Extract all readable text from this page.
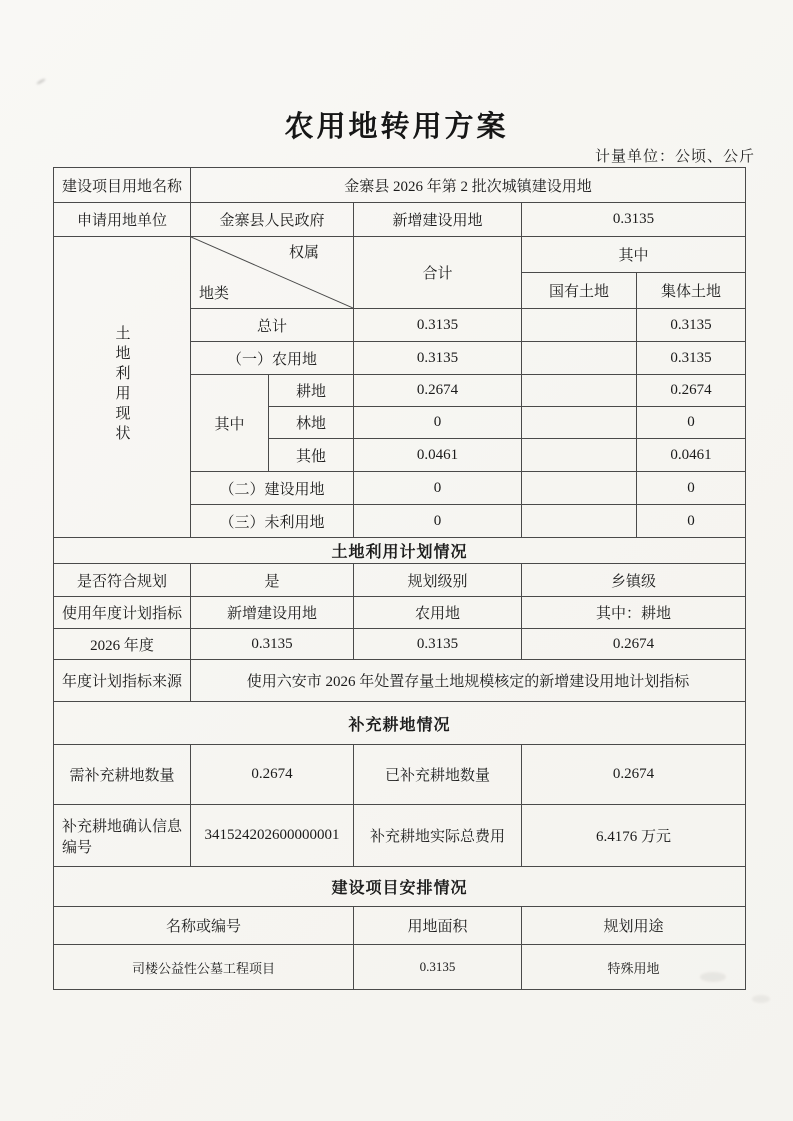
农用地转用方案
计量单位：公顷、公斤
建设项目用地名称	金寨县 2026 年第 2 批次城镇建设用地				
申请用地单位	金寨县人民政府		新增建设用地	0.3135	
土地利用现状	权属
地类		合计	其中	
				国有土地	集体土地
	总计		0.3135		0.3135
	（一）农用地		0.3135		0.3135
	其中	耕地	0.2674		0.2674
		林地	0		0
		其他	0.0461		0.0461
	（二）建设用地		0		0
	（三）未利用地		0		0
土地利用计划情况					
是否符合规划	是		规划级别	乡镇级	
使用年度计划指标	新增建设用地		农用地	其中：耕地	
2026 年度	0.3135		0.3135	0.2674	
年度计划指标来源	使用六安市 2026 年处置存量土地规模核定的新增建设用地计划指标				
补充耕地情况					
需补充耕地数量	0.2674		已补充耕地数量	0.2674	
补充耕地确认信息编号	341524202600000001		补充耕地实际总费用	6.4176 万元	
建设项目安排情况					
名称或编号			用地面积	规划用途	
司楼公益性公墓工程项目			0.3135	特殊用地	
